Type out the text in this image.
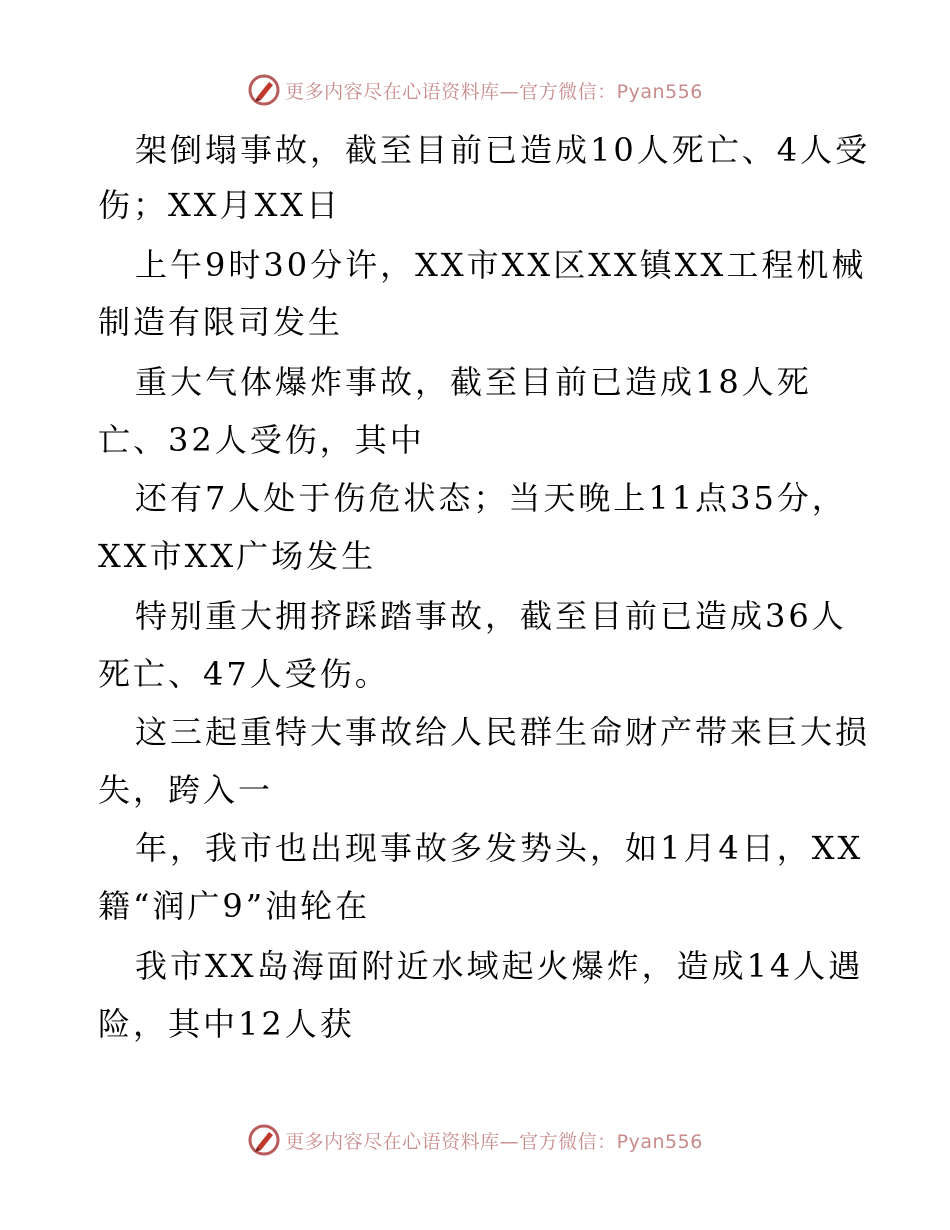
更多内容尽在心语资料库—官方微信：Pyan556
架倒塌事故，截至目前已造成10人死亡、4人受
伤；XX月XX日
上午9时30分许，XX市XX区XX镇XX工程机械
制造有限司发生
重大气体爆炸事故，截至目前已造成18人死
亡、32人受伤，其中
还有7人处于伤危状态；当天晚上11点35分，
XX市XX广场发生
特别重大拥挤踩踏事故，截至目前已造成36人
死亡、47人受伤。
这三起重特大事故给人民群生命财产带来巨大损
失，跨入一
年，我市也出现事故多发势头，如1月4日，XX
籍“润广9”油轮在
我市XX岛海面附近水域起火爆炸，造成14人遇
险，其中12人获
更多内容尽在心语资料库—官方微信：Pyan556
